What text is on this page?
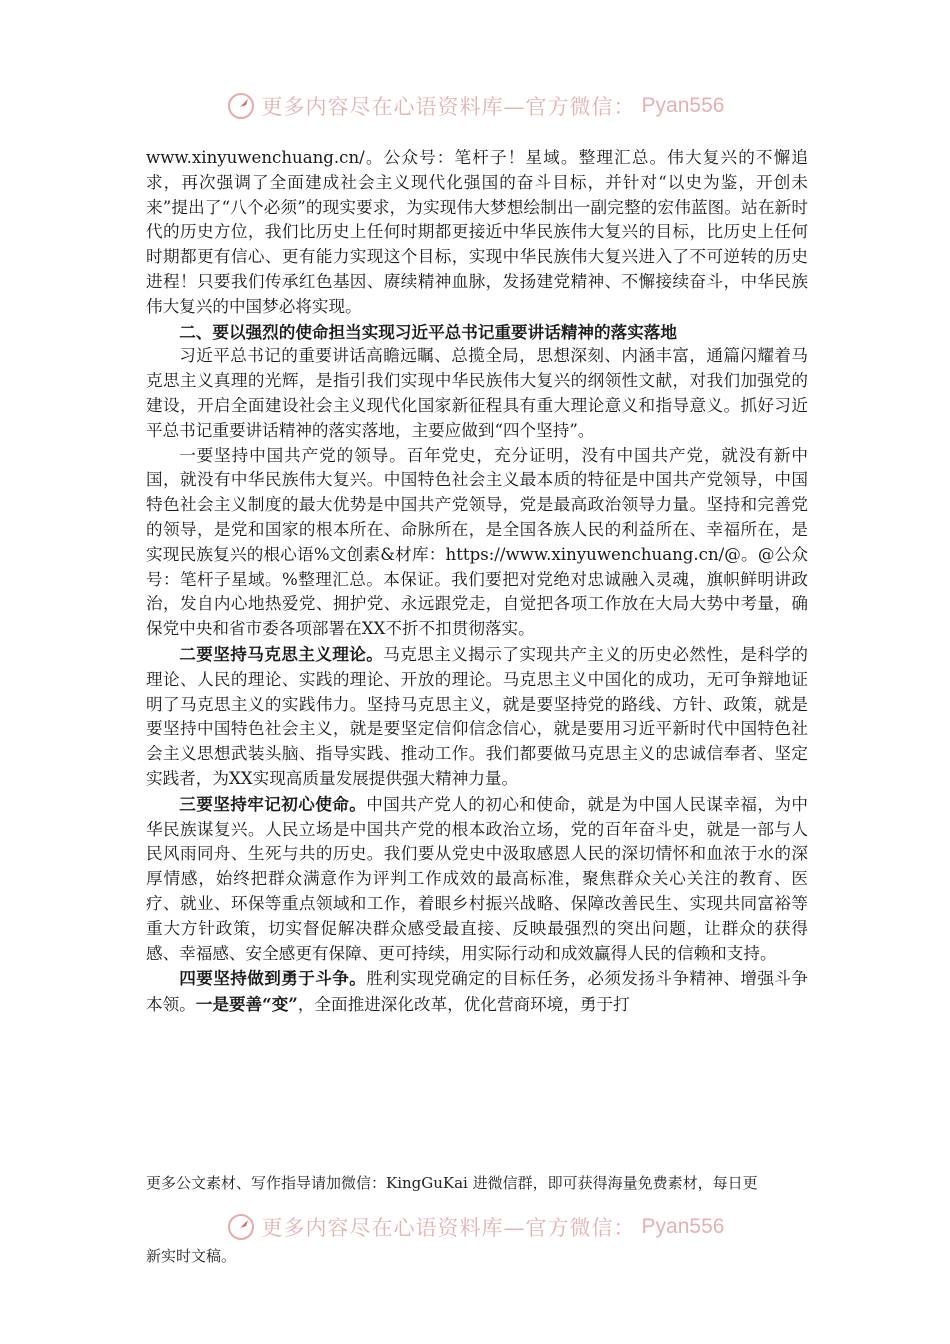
更多内容尽在心语资料库—官方微信： Pyan556

www.xinyuwenchuang.cn/。公众号：笔杆子！星域。整理汇总。伟大复兴的不懈追求，再次强调了全面建成社会主义现代化强国的奋斗目标，并针对“以史为鉴，开创未来”提出了“八个必须”的现实要求，为实现伟大梦想绘制出一副完整的宏伟蓝图。站在新时代的历史方位，我们比历史上任何时期都更接近中华民族伟大复兴的目标，比历史上任何时期都更有信心、更有能力实现这个目标，实现中华民族伟大复兴进入了不可逆转的历史进程！只要我们传承红色基因、赓续精神血脉，发扬建党精神、不懈接续奋斗，中华民族伟大复兴的中国梦必将实现。

二、要以强烈的使命担当实现习近平总书记重要讲话精神的落实落地

习近平总书记的重要讲话高瞻远瞩、总揽全局，思想深刻、内涵丰富，通篇闪耀着马克思主义真理的光辉，是指引我们实现中华民族伟大复兴的纲领性文献，对我们加强党的建设，开启全面建设社会主义现代化国家新征程具有重大理论意义和指导意义。抓好习近平总书记重要讲话精神的落实落地，主要应做到“四个坚持”。

一要坚持中国共产党的领导。百年党史，充分证明，没有中国共产党，就没有新中国，就没有中华民族伟大复兴。中国特色社会主义最本质的特征是中国共产党领导，中国特色社会主义制度的最大优势是中国共产党领导，党是最高政治领导力量。坚持和完善党的领导，是党和国家的根本所在、命脉所在，是全国各族人民的利益所在、幸福所在，是实现民族复兴的根心语%文创素&材库：https://www.xinyuwenchuang.cn/@。@公众号：笔杆子星域。%整理汇总。本保证。我们要把对党绝对忠诚融入灵魂，旗帜鲜明讲政治，发自内心地热爱党、拥护党、永远跟党走，自觉把各项工作放在大局大势中考量，确保党中央和省市委各项部署在XX不折不扣贯彻落实。

二要坚持马克思主义理论。马克思主义揭示了实现共产主义的历史必然性，是科学的理论、人民的理论、实践的理论、开放的理论。马克思主义中国化的成功，无可争辩地证明了马克思主义的实践伟力。坚持马克思主义，就是要坚持党的路线、方针、政策，就是要坚持中国特色社会主义，就是要坚定信仰信念信心，就是要用习近平新时代中国特色社会主义思想武装头脑、指导实践、推动工作。我们都要做马克思主义的忠诚信奉者、坚定实践者，为XX实现高质量发展提供强大精神力量。

三要坚持牢记初心使命。中国共产党人的初心和使命，就是为中国人民谋幸福，为中华民族谋复兴。人民立场是中国共产党的根本政治立场，党的百年奋斗史，就是一部与人民风雨同舟、生死与共的历史。我们要从党史中汲取感恩人民的深切情怀和血浓于水的深厚情感，始终把群众满意作为评判工作成效的最高标准，聚焦群众关心关注的教育、医疗、就业、环保等重点领域和工作，着眼乡村振兴战略、保障改善民生、实现共同富裕等重大方针政策，切实督促解决群众感受最直接、反映最强烈的突出问题，让群众的获得感、幸福感、安全感更有保障、更可持续，用实际行动和成效赢得人民的信赖和支持。

四要坚持做到勇于斗争。胜利实现党确定的目标任务，必须发扬斗争精神、增强斗争本领。一是要善“变”，全面推进深化改革，优化营商环境，勇于打

更多公文素材、写作指导请加微信：KingGuKai 进微信群，即可获得海量免费素材，每日更
更多内容尽在心语资料库—官方微信： Pyan556
新实时文稿。
